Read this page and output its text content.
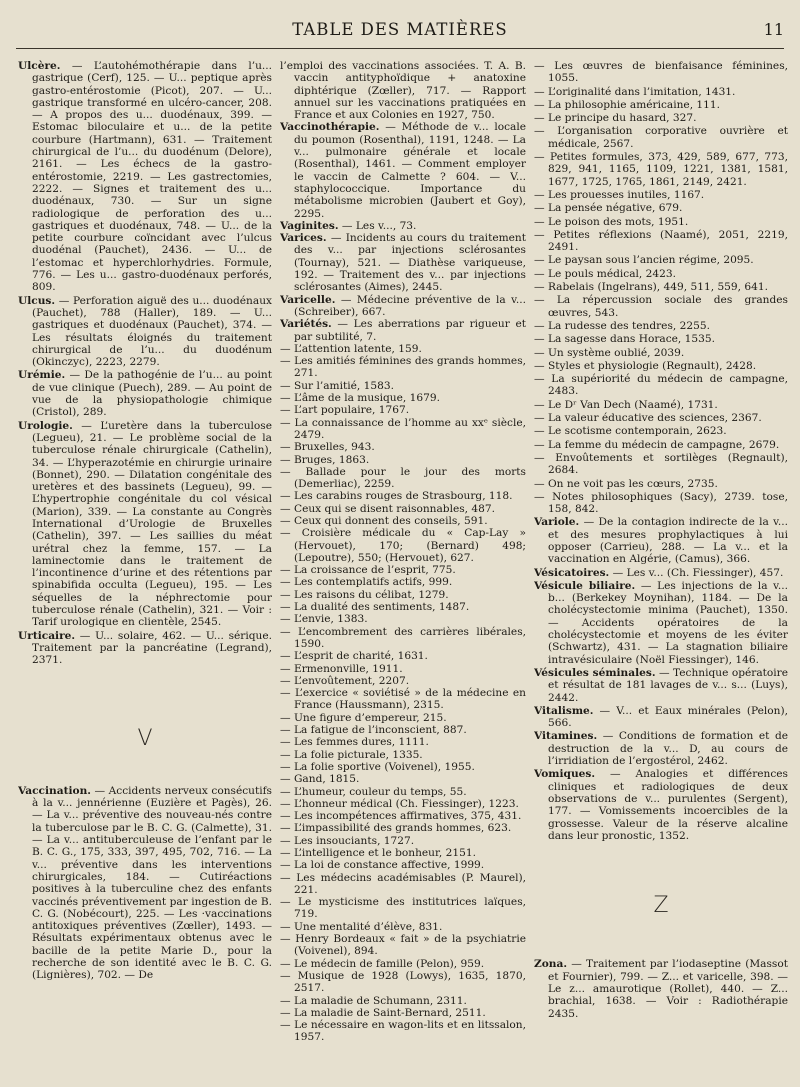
TABLE DES MATIÈRES	11

Ulcère. — L’autohémothérapie dans l’u... gastrique (Cerf), 125. — U... peptique après gastro-entérostomie (Picot), 207. — U... gastrique transformé en ulcéro-cancer, 208. — A propos des u... duodénaux, 399. — Estomac biloculaire et u... de la petite courbure (Hartmann), 631. — Traitement chirurgical de l’u... du duodénum (Delore), 2161. — Les échecs de la gastro-entérostomie, 2219. — Les gastrectomies, 2222. — Signes et traitement des u... duodénaux, 730. — Sur un signe radiologique de perforation des u... gastriques et duodénaux, 748. — U... de la petite courbure coïncidant avec l’ulcus duodénal (Pauchet), 2436. — U... de l’estomac et hyperchlorhydries. Formule, 776. — Les u... gastro-duodénaux perforés, 809.

Ulcus. — Perforation aiguë des u... duodénaux (Pauchet), 788 (Haller), 189. — U... gastriques et duodénaux (Pauchet), 374. — Les résultats éloignés du traitement chirurgical de l’u... du duodénum (Okinczyc), 2223, 2279.

Urémie. — De la pathogénie de l’u... au point de vue clinique (Puech), 289. — Au point de vue de la physiopathologie chimique (Cristol), 289.

Urologie. — L’uretère dans la tuberculose (Legueu), 21. — Le problème social de la tuberculose rénale chirurgicale (Cathelin), 34. — L’hyperazotémie en chirurgie urinaire (Bonnet), 290. — Dilatation congénitale des uretères et des bassinets (Legueu), 99. — L’hypertrophie congénitale du col vésical (Marion), 339. — La constante au Congrès International d’Urologie de Bruxelles (Cathelin), 397. — Les saillies du méat urétral chez la femme, 157. — La laminectomie dans le traitement de l’incontinence d’urine et des rétentions par spinabifida occulta (Legueu), 195. — Les séquelles de la néphrectomie pour tuberculose rénale (Cathelin), 321. — Voir : Tarif urologique en clientèle, 2545.

Urticaire. — U... solaire, 462. — U... sérique. Traitement par la pancréatine (Legrand), 2371.

V

Vaccination. — Accidents nerveux consécutifs à la v... jennérienne (Euzière et Pagès), 26. — La v... préventive des nouveau-nés contre la tuberculose par le B. C. G. (Calmette), 31. — La v... antituberculeuse de l’enfant par le B. C. G., 175, 333, 397, 495, 702, 716. — La v... préventive dans les interventions chirurgicales, 184. — Cutiréactions positives à la tuberculine chez des enfants vaccinés préventivement par ingestion de B. C. G. (Nobécourt), 225. — Les ·vaccinations antitoxiques préventives (Zœller), 1493. — Résultats expérimentaux obtenus avec le bacille de la petite Marie D., pour la recherche de son identité avec le B. C. G. (Lignières), 702. — De

l’emploi des vaccinations associées. T. A. B. vaccin antityphoïdique + anatoxine diphtérique (Zœller), 717. — Rapport annuel sur les vaccinations pratiquées en France et aux Colonies en 1927, 750.

Vaccinothérapie. — Méthode de v... locale du poumon (Rosenthal), 1191, 1248. — La v... pulmonaire générale et locale (Rosenthal), 1461. — Comment employer le vaccin de Calmette ? 604. — V... staphylococcique. Importance du métabolisme microbien (Jaubert et Goy), 2295.

Vaginites. — Les v..., 73.

Varices. — Incidents au cours du traitement des v... par injections sclérosantes (Tournay), 521. — Diathèse variqueuse, 192. — Traitement des v... par injections sclérosantes (Aimes), 2445.

Varicelle. — Médecine préventive de la v... (Schreiber), 667.

Variétés. — Les aberrations par rigueur et par subtilité, 7.

— L’attention latente, 159.

— Les amitiés féminines des grands hommes, 271.

— Sur l’amitié, 1583.

— L’âme de la musique, 1679.

— L’art populaire, 1767.

— La connaissance de l’homme au xxᵉ siècle, 2479.

— Bruxelles, 943.

— Bruges, 1863.

— Ballade pour le jour des morts (Demerliac), 2259.

— Les carabins rouges de Strasbourg, 118.

— Ceux qui se disent raisonnables, 487.

— Ceux qui donnent des conseils, 591.

— Croisière médicale du « Cap-Lay » (Hervouet), 170; (Bernard) 498; (Lepoutre), 550; (Hervouet), 627.

— La croissance de l’esprit, 775.

— Les contemplatifs actifs, 999.

— Les raisons du célibat, 1279.

— La dualité des sentiments, 1487.

— L’envie, 1383.

— L’encombrement des carrières libérales, 1590.

— L’esprit de charité, 1631.

— Ermenonville, 1911.

— L’envoûtement, 2207.

— L’exercice « soviétisé » de la médecine en France (Haussmann), 2315.

— Une figure d’empereur, 215.

— La fatigue de l’inconscient, 887.

— Les femmes dures, 1111.

— La folie picturale, 1335.

— La folie sportive (Voivenel), 1955.

— Gand, 1815.

— L’humeur, couleur du temps, 55.

— L’honneur médical (Ch. Fiessinger), 1223.

— Les incompétences affirmatives, 375, 431.

— L’impassibilité des grands hommes, 623.

— Les insouciants, 1727.

— L’intelligence et le bonheur, 2151.

— La loi de constance affective, 1999.

— Les médecins académisables (P. Maurel), 221.

— Le mysticisme des institutrices laïques, 719.

— Une mentalité d’élève, 831.

— Henry Bordeaux « fait » de la psychiatrie (Voivenel), 894.

— Le médecin de famille (Pelon), 959.

— Musique de 1928 (Lowys), 1635, 1870, 2517.

— La maladie de Schumann, 2311.

— La maladie de Saint-Bernard, 2511.

— Le nécessaire en wagon-lits et en litssalon, 1957.

— Les œuvres de bienfaisance féminines, 1055.

— L’originalité dans l’imitation, 1431.

— La philosophie américaine, 111.

— Le principe du hasard, 327.

— L’organisation corporative ouvrière et médicale, 2567.

— Petites formules, 373, 429, 589, 677, 773, 829, 941, 1165, 1109, 1221, 1381, 1581, 1677, 1725, 1765, 1861, 2149, 2421.

— Les prouesses inutiles, 1167.

— La pensée négative, 679.

— Le poison des mots, 1951.

— Petites réflexions (Naamé), 2051, 2219, 2491.

— Le paysan sous l’ancien régime, 2095.

— Le pouls médical, 2423.

— Rabelais (Ingelrans), 449, 511, 559, 641.

— La répercussion sociale des grandes œuvres, 543.

— La rudesse des tendres, 2255.

— La sagesse dans Horace, 1535.

— Un système oublié, 2039.

— Styles et physiologie (Regnault), 2428.

— La supériorité du médecin de campagne, 2483.

— Le Dʳ Van Dech (Naamé), 1731.

— La valeur éducative des sciences, 2367.

— Le scotisme contemporain, 2623.

— La femme du médecin de campagne, 2679.

— Envoûtements et sortilèges (Regnault), 2684.

— On ne voit pas les cœurs, 2735.

— Notes philosophiques (Sacy), 2739. tose, 158, 842.

Variole. — De la contagion indirecte de la v... et des mesures prophylactiques à lui opposer (Carrieu), 288. — La v... et la vaccination en Algérie, (Camus), 366.

Vésicatoires. — Les v... (Ch. Fiessinger), 457.

Vésicule biliaire. — Les injections de la v... b... (Berkekey Moynihan), 1184. — De la cholécystectomie minima (Pauchet), 1350. — Accidents opératoires de la cholécystectomie et moyens de les éviter (Schwartz), 431. — La stagnation biliaire intravésiculaire (Noël Fiessinger), 146.

Vésicules séminales. — Technique opératoire et résultat de 181 lavages de v... s... (Luys), 2442.

Vitalisme. — V... et Eaux minérales (Pelon), 566.

Vitamines. — Conditions de formation et de destruction de la v... D, au cours de l’irridiation de l’ergostérol, 2462.

Vomiques. — Analogies et différences cliniques et radiologiques de deux observations de v... purulentes (Sergent), 177. — Vomissements incoercibles de la grossesse. Valeur de la réserve alcaline dans leur pronostic, 1352.

Z

Zona. — Traitement par l’iodaseptine (Massot et Fournier), 799. — Z... et varicelle, 398. — Le z... amaurotique (Rollet), 440. — Z... brachial, 1638. — Voir : Radiothérapie 2435.
